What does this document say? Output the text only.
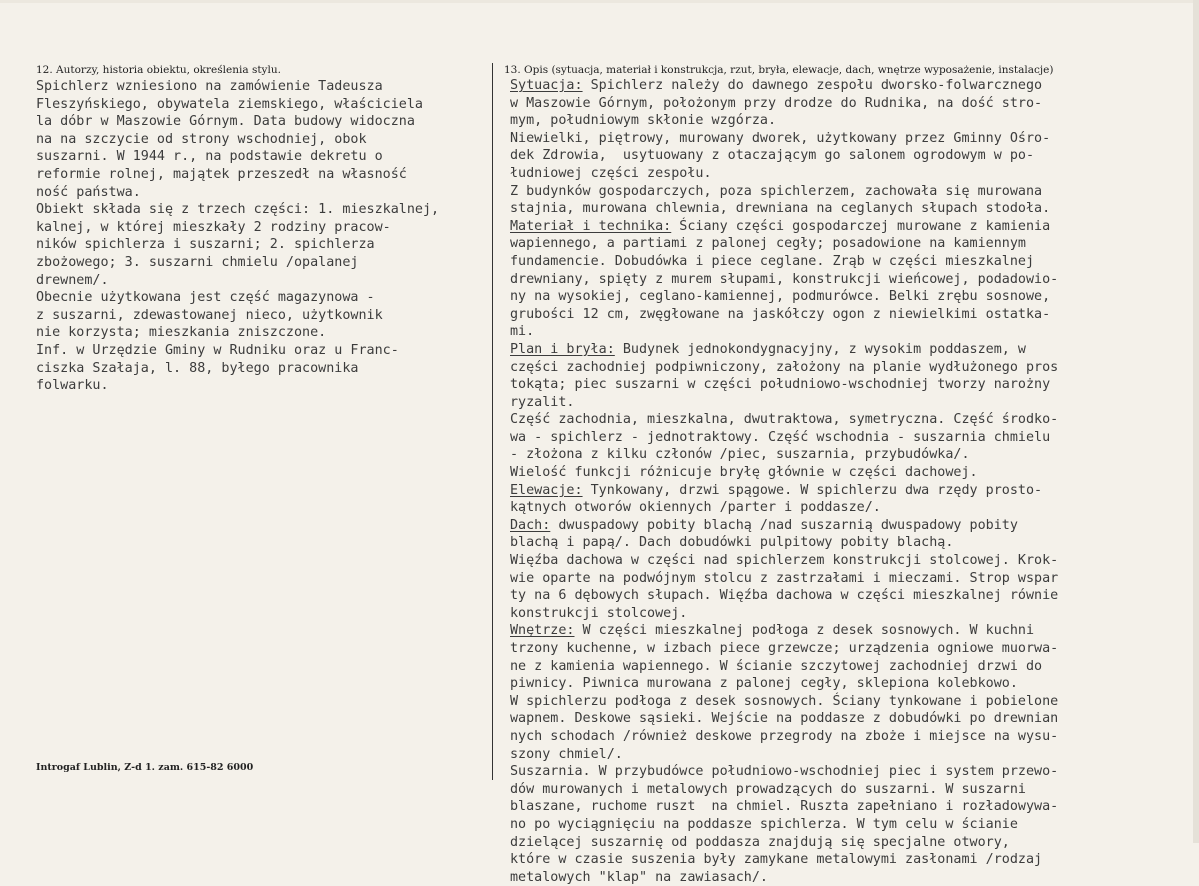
12. Autorzy, historia obiektu, określenia stylu.	13. Opis (sytuacja, materiał i konstrukcja, rzut, bryła, elewacje, dach, wnętrze wyposażenie, instalacje)
Spichlerz wzniesiono na zamówienie Tadeusza
Fleszyńskiego, obywatela ziemskiego, właściciela
la dóbr w Maszowie Górnym. Data budowy widoczna
na na szczycie od strony wschodniej, obok
suszarni. W 1944 r., na podstawie dekretu o
reformie rolnej, majątek przeszedł na własność
ność państwa.
Obiekt składa się z trzech części: 1. mieszkalnej,
kalnej, w której mieszkały 2 rodziny pracow-
ników spichlerza i suszarni; 2. spichlerza
zbożowego; 3. suszarni chmielu /opalanej
drewnem/.
Obecnie użytkowana jest część magazynowa -
z suszarni, zdewastowanej nieco, użytkownik
nie korzysta; mieszkania zniszczone.
Inf. w Urzędzie Gminy w Rudniku oraz u Franc-
ciszka Szałaja, l. 88, byłego pracownika
folwarku.
Sytuacja: Spichlerz należy do dawnego zespołu dworsko-folwarcznego
w Maszowie Górnym, położonym przy drodze do Rudnika, na dość stro-
mym, południowym skłonie wzgórza.
Niewielki, piętrowy, murowany dworek, użytkowany przez Gminny Ośro-
dek Zdrowia,  usytuowany z otaczającym go salonem ogrodowym w po-
łudniowej części zespołu.
Z budynków gospodarczych, poza spichlerzem, zachowała się murowana
stajnia, murowana chlewnia, drewniana na ceglanych słupach stodoła.
Materiał i technika: Ściany części gospodarczej murowane z kamienia
wapiennego, a partiami z palonej cegły; posadowione na kamiennym
fundamencie. Dobudówka i piece ceglane. Zrąb w części mieszkalnej
drewniany, spięty z murem słupami, konstrukcji wieńcowej, podadowio-
ny na wysokiej, ceglano-kamiennej, podmurówce. Belki zrębu sosnowe,
grubości 12 cm, zwęgłowane na jaskółczy ogon z niewielkimi ostatka-
mi.
Plan i bryła: Budynek jednokondygnacyjny, z wysokim poddaszem, w
części zachodniej podpiwniczony, założony na planie wydłużonego pros
tokąta; piec suszarni w części południowo-wschodniej tworzy narożny
ryzalit.
Część zachodnia, mieszkalna, dwutraktowa, symetryczna. Część środko-
wa - spichlerz - jednotraktowy. Część wschodnia - suszarnia chmielu
- złożona z kilku członów /piec, suszarnia, przybudówka/.
Wielość funkcji różnicuje bryłę głównie w części dachowej.
Elewacje: Tynkowany, drzwi spągowe. W spichlerzu dwa rzędy prosto-
kątnych otworów okiennych /parter i poddasze/.
Dach: dwuspadowy pobity blachą /nad suszarnią dwuspadowy pobity
blachą i papą/. Dach dobudówki pulpitowy pobity blachą.
Więźba dachowa w części nad spichlerzem konstrukcji stolcowej. Krok-
wie oparte na podwójnym stolcu z zastrzałami i mieczami. Strop wspar
ty na 6 dębowych słupach. Więźba dachowa w części mieszkalnej równie
konstrukcji stolcowej.
Wnętrze: W części mieszkalnej podłoga z desek sosnowych. W kuchni
trzony kuchenne, w izbach piece grzewcze; urządzenia ogniowe muorwa-
ne z kamienia wapiennego. W ścianie szczytowej zachodniej drzwi do
piwnicy. Piwnica murowana z palonej cegły, sklepiona kolebkowo.
W spichlerzu podłoga z desek sosnowych. Ściany tynkowane i pobielone
wapnem. Deskowe sąsieki. Wejście na poddasze z dobudówki po drewnian
nych schodach /również deskowe przegrody na zboże i miejsce na wysu-
szony chmiel/.
Suszarnia. W przybudówce południowo-wschodniej piec i system przewo-
dów murowanych i metalowych prowadzących do suszarni. W suszarni
blaszane, ruchome ruszt  na chmiel. Ruszta zapełniano i rozładowywa-
no po wyciągnięciu na poddasze spichlerza. W tym celu w ścianie
dzielącej suszarnię od poddasza znajdują się specjalne otwory,
które w czasie suszenia były zamykane metalowymi zasłonami /rodzaj
metalowych "klap" na zawiasach/.
Introgaf Lublin, Z-d 1. zam. 615-82 6000
